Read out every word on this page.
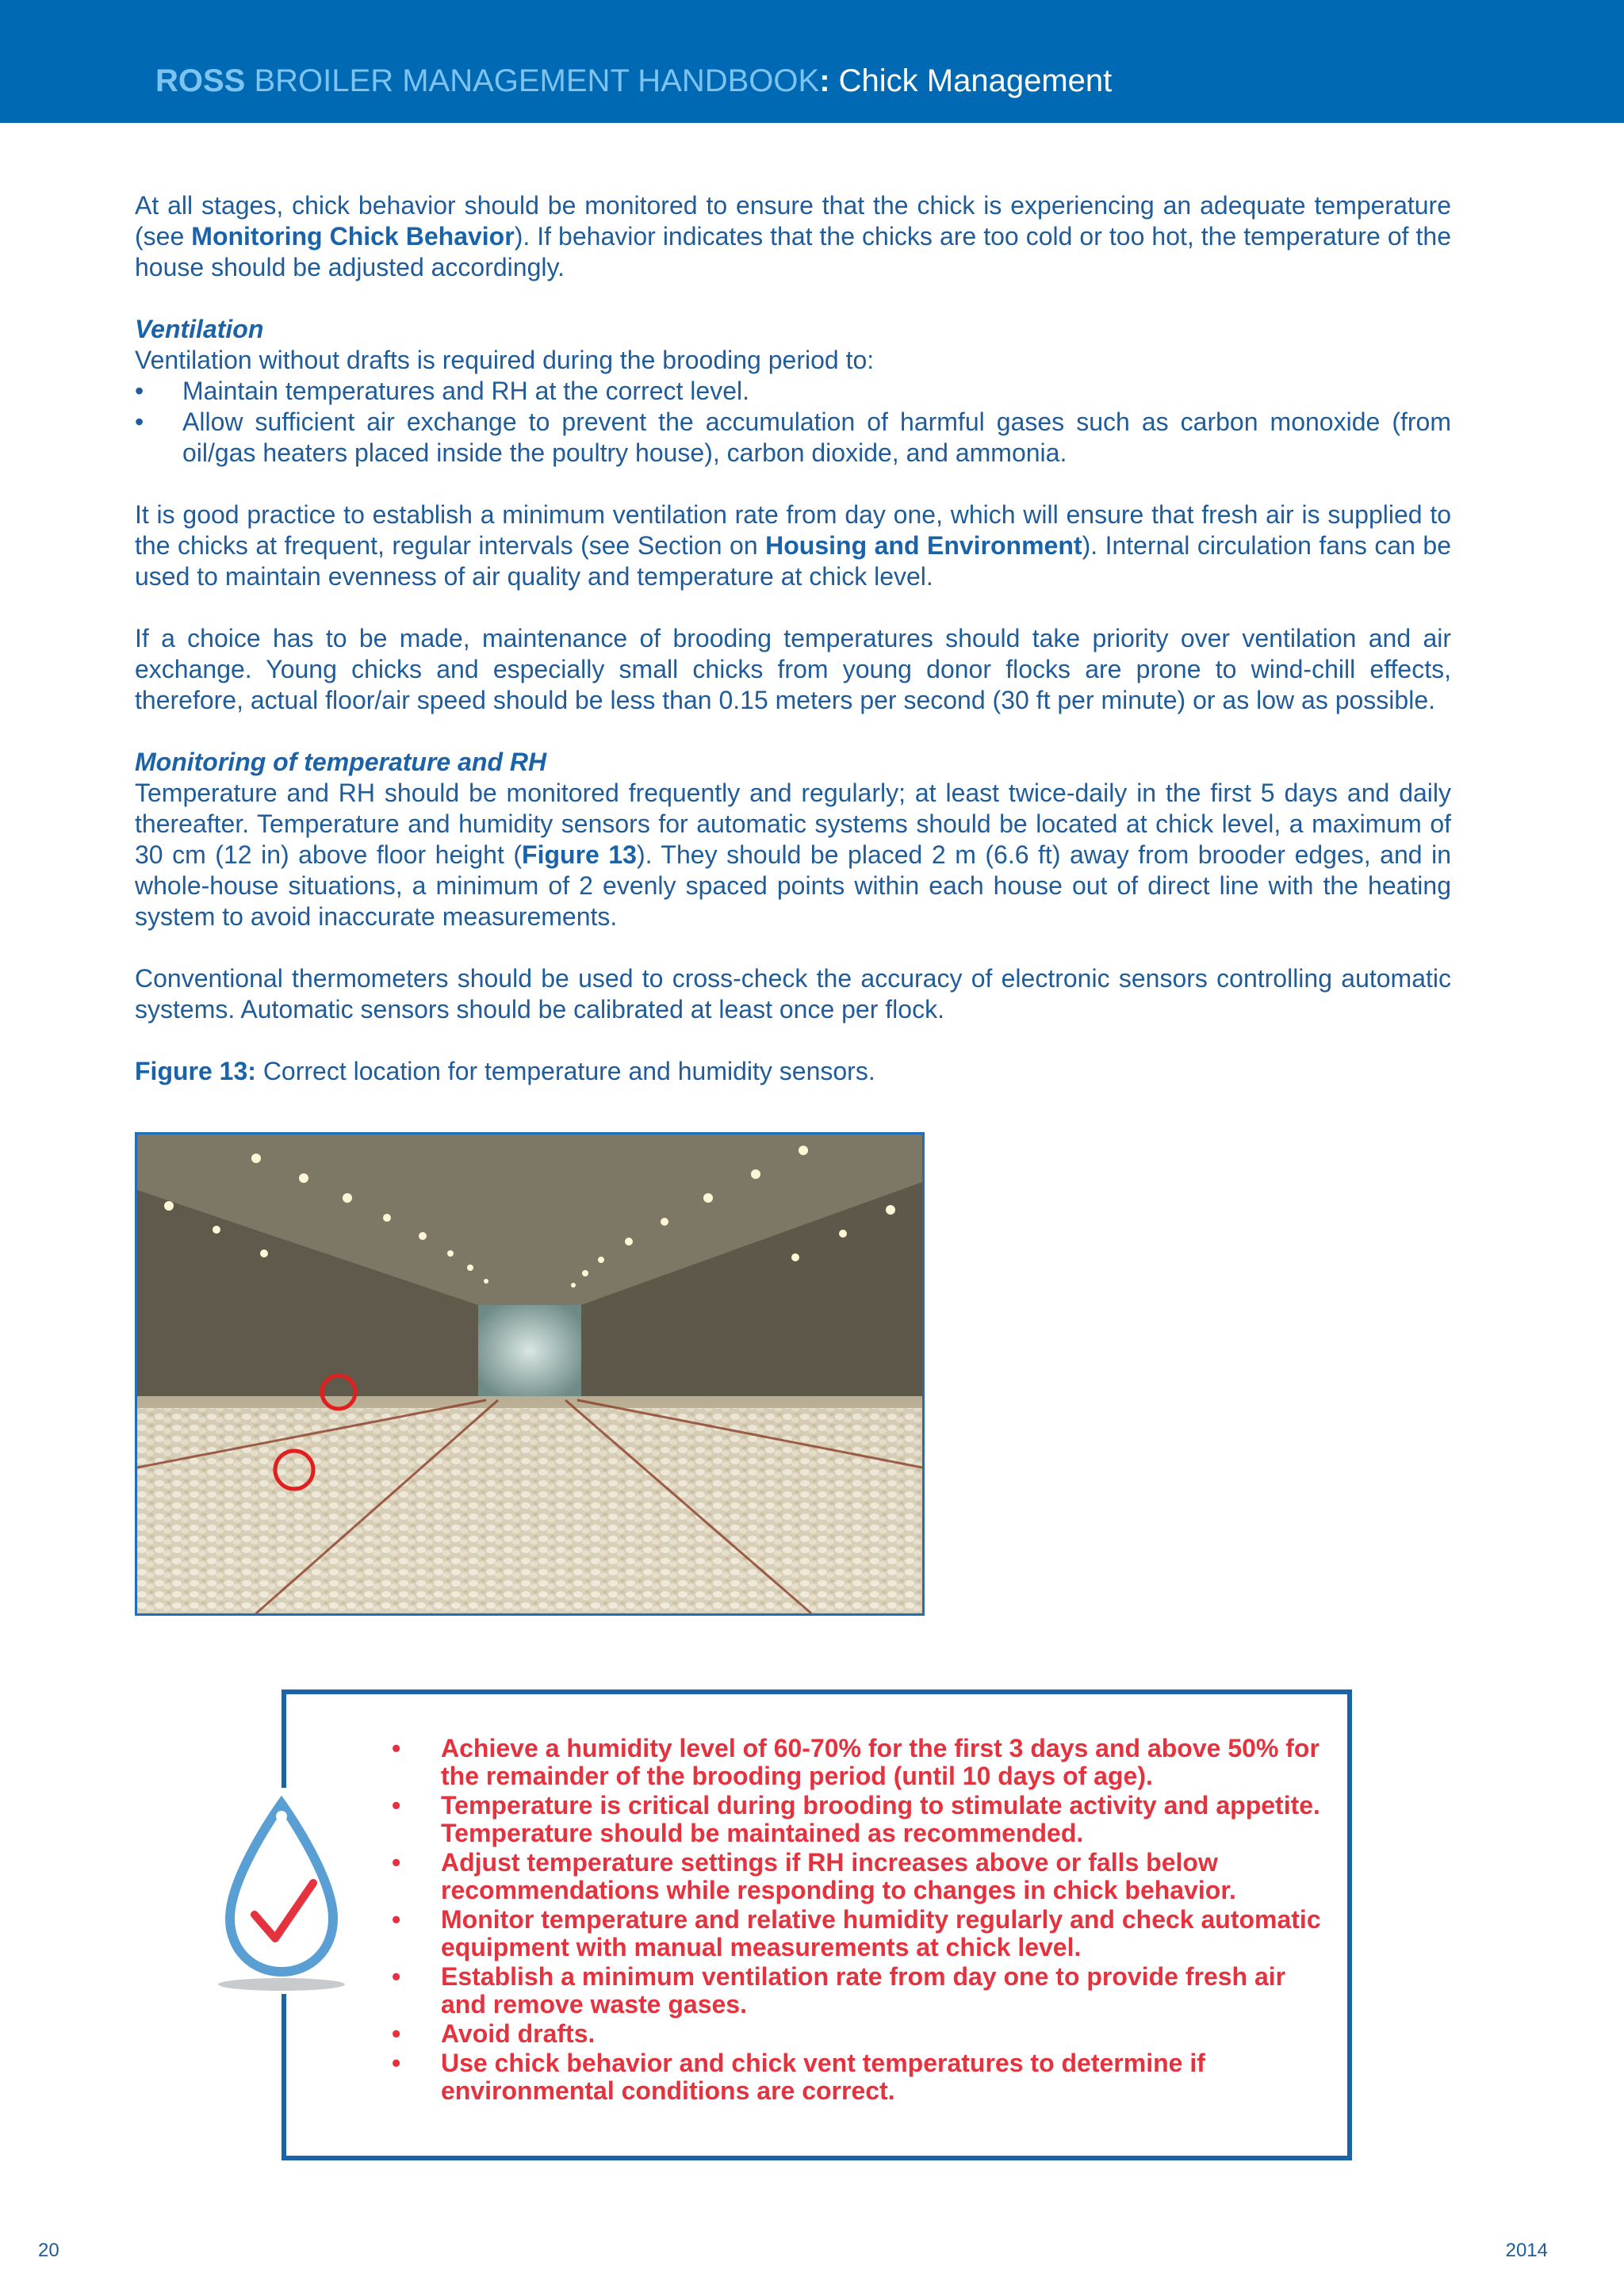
ROSS BROILER MANAGEMENT HANDBOOK: Chick Management

At all stages, chick behavior should be monitored to ensure that the chick is experiencing an adequate temperature (see Monitoring Chick Behavior). If behavior indicates that the chicks are too cold or too hot, the temperature of the house should be adjusted accordingly.

Ventilation

Ventilation without drafts is required during the brooding period to:

• Maintain temperatures and RH at the correct level.
• Allow sufficient air exchange to prevent the accumulation of harmful gases such as carbon monoxide (from oil/gas heaters placed inside the poultry house), carbon dioxide, and ammonia.

It is good practice to establish a minimum ventilation rate from day one, which will ensure that fresh air is supplied to the chicks at frequent, regular intervals (see Section on Housing and Environment). Internal circulation fans can be used to maintain evenness of air quality and temperature at chick level.

If a choice has to be made, maintenance of brooding temperatures should take priority over ventilation and air exchange. Young chicks and especially small chicks from young donor flocks are prone to wind-chill effects, therefore, actual floor/air speed should be less than 0.15 meters per second (30 ft per minute) or as low as possible.

Monitoring of temperature and RH

Temperature and RH should be monitored frequently and regularly; at least twice-daily in the first 5 days and daily thereafter. Temperature and humidity sensors for automatic systems should be located at chick level, a maximum of 30 cm (12 in) above floor height (Figure 13). They should be placed 2 m (6.6 ft) away from brooder edges, and in whole-house situations, a minimum of 2 evenly spaced points within each house out of direct line with the heating system to avoid inaccurate measurements.

Conventional thermometers should be used to cross-check the accuracy of electronic sensors controlling automatic systems. Automatic sensors should be calibrated at least once per flock.

Figure 13: Correct location for temperature and humidity sensors.

• Achieve a humidity level of 60-70% for the first 3 days and above 50% for the remainder of the brooding period (until 10 days of age).
• Temperature is critical during brooding to stimulate activity and appetite. Temperature should be maintained as recommended.
• Adjust temperature settings if RH increases above or falls below recommendations while responding to changes in chick behavior.
• Monitor temperature and relative humidity regularly and check automatic equipment with manual measurements at chick level.
• Establish a minimum ventilation rate from day one to provide fresh air and remove waste gases.
• Avoid drafts.
• Use chick behavior and chick vent temperatures to determine if environmental conditions are correct.
20	2014
